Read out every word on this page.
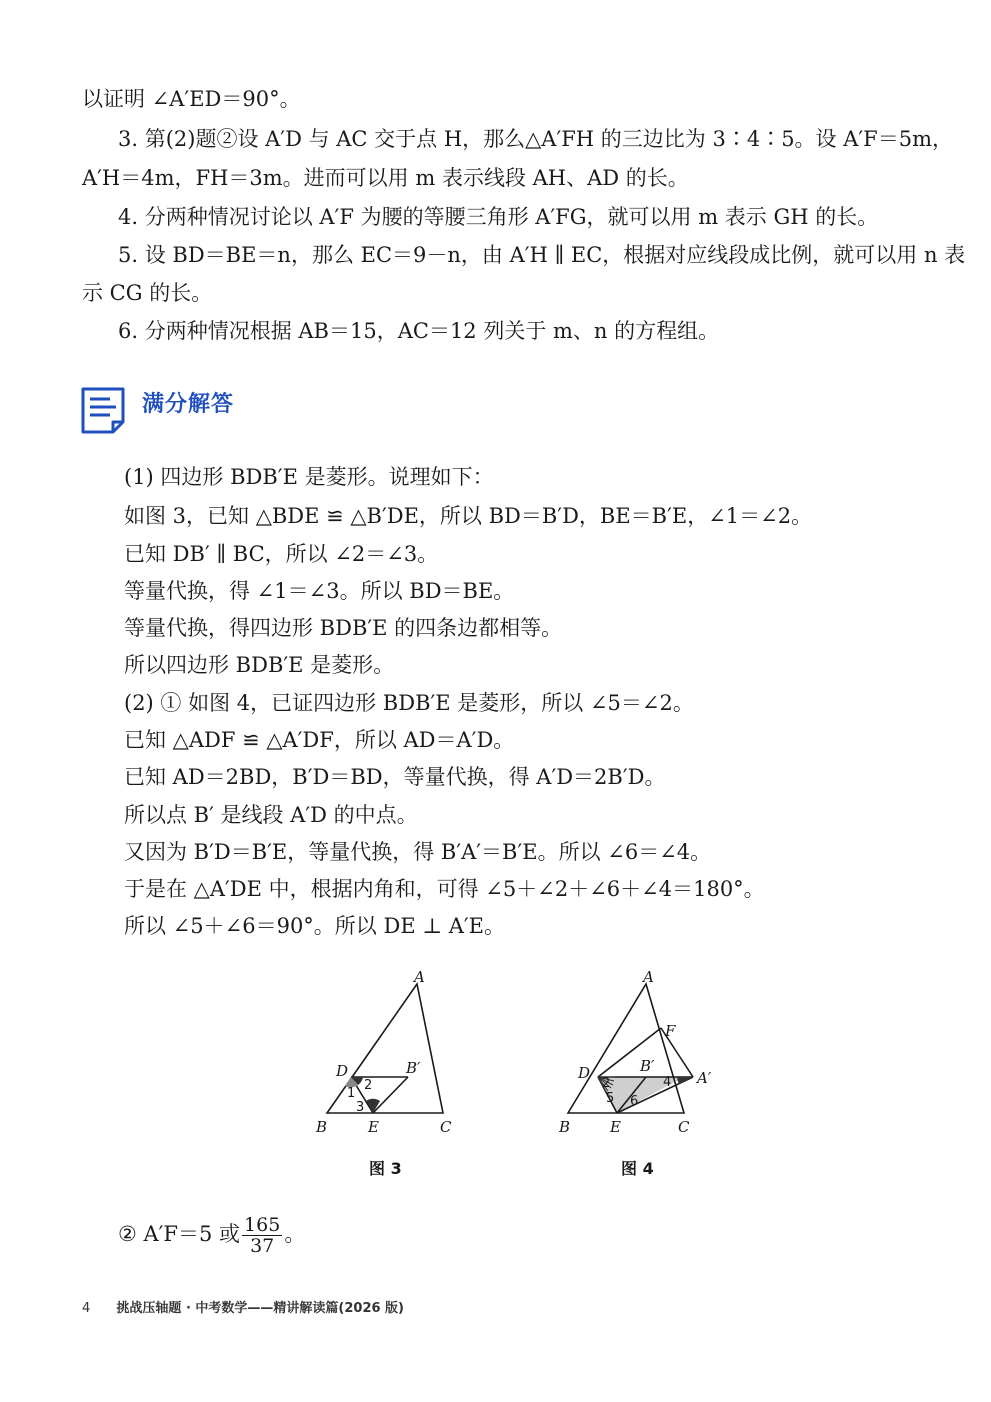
以证明 ∠A′ED＝90°。
3. 第(2)题②设 A′D 与 AC 交于点 H，那么△A′FH 的三边比为 3∶4∶5。设 A′F＝5m，
A′H＝4m，FH＝3m。进而可以用 m 表示线段 AH、AD 的长。
4. 分两种情况讨论以 A′F 为腰的等腰三角形 A′FG，就可以用 m 表示 GH 的长。
5. 设 BD＝BE＝n，那么 EC＝9－n，由 A′H ∥ EC，根据对应线段成比例，就可以用 n 表
示 CG 的长。
6. 分两种情况根据 AB＝15，AC＝12 列关于 m、n 的方程组。
满分解答
(1) 四边形 BDB′E 是菱形。说理如下：
如图 3，已知 △BDE ≌ △B′DE，所以 BD＝B′D，BE＝B′E，∠1＝∠2。
已知 DB′ ∥ BC，所以 ∠2＝∠3。
等量代换，得 ∠1＝∠3。所以 BD＝BE。
等量代换，得四边形 BDB′E 的四条边都相等。
所以四边形 BDB′E 是菱形。
(2) ① 如图 4，已证四边形 BDB′E 是菱形，所以 ∠5＝∠2。
已知 △ADF ≌ △A′DF，所以 AD＝A′D。
已知 AD＝2BD，B′D＝BD，等量代换，得 A′D＝2B′D。
所以点 B′ 是线段 A′D 的中点。
又因为 B′D＝B′E，等量代换，得 B′A′＝B′E。所以 ∠6＝∠4。
于是在 △A′DE 中，根据内角和，可得 ∠5＋∠2＋∠6＋∠4＝180°。
所以 ∠5＋∠6＝90°。所以 DE ⊥ A′E。
A
B	C
D
E
B′
2
1
3
图 3
A
B	C
D
E
F
B′
A′
2
5 6
4
图 4
② A′F＝5 或 $\frac{165}{37}$ 。
4 挑战压轴题 · 中考数学——精讲解读篇(2026 版)
